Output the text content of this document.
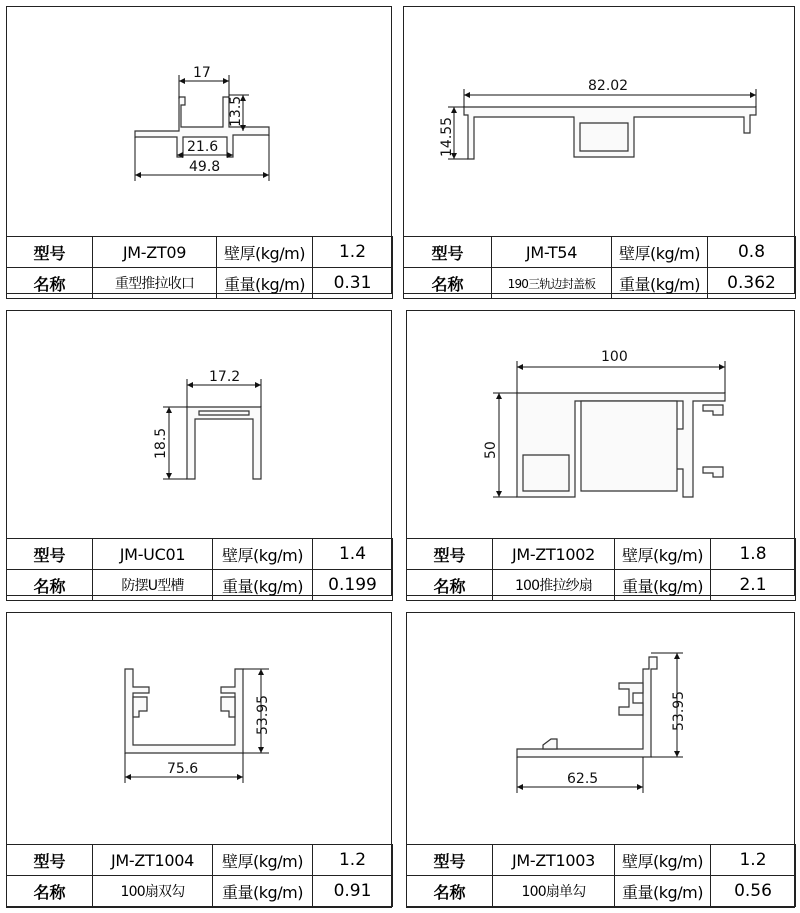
17
13.5
21.6
49.8
型号	JM-ZT09	壁厚(kg/m)	1.2
名称	重型推拉收口	重量(kg/m)	0.31
82.02
14.55
型号	JM-T54	壁厚(kg/m)	0.8
名称	190三轨边封盖板	重量(kg/m)	0.362
17.2
18.5
型号	JM-UC01	壁厚(kg/m)	1.4
名称	防摆U型槽	重量(kg/m)	0.199
100
50
型号	JM-ZT1002	壁厚(kg/m)	1.8
名称	100推拉纱扇	重量(kg/m)	2.1
53.95
75.6
型号	JM-ZT1004	壁厚(kg/m)	1.2
名称	100扇双勾	重量(kg/m)	0.91
53.95
62.5
型号	JM-ZT1003	壁厚(kg/m)	1.2
名称	100扇单勾	重量(kg/m)	0.56
